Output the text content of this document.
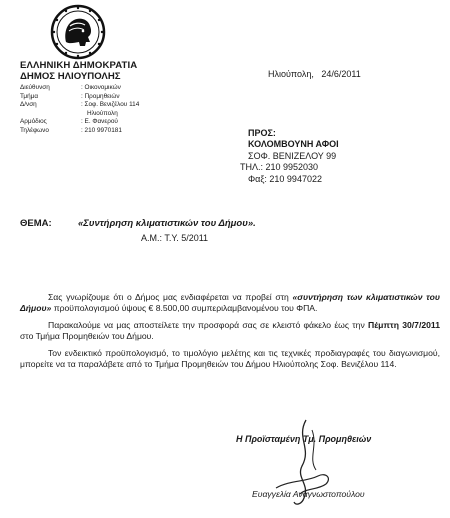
ΕΛΛΗΝΙΚΗ ΔΗΜΟΚΡΑΤΙΑ
ΔΗΜΟΣ ΗΛΙΟΥΠΟΛΗΣ
Διεύθυνση	: Οικονομικών
Τμήμα	: Προμηθειών
Δ/νση	: Σοφ. Βενιζέλου 114
Ηλιούπολη
Αρμόδιος	: Ε. Φανερού
Τηλέφωνο	: 210 9970181
Ηλιούπολη,   24/6/2011
ΠΡΟΣ:
ΚΟΛΟΜΒΟΥΝΗ ΑΦΟΙ
ΣΟΦ. ΒΕΝΙΖΕΛΟΥ 99
ΤΗΛ.: 210 9952030
Φαξ: 210 9947022
ΘΕΜΑ:	«Συντήρηση κλιματιστικών του Δήμου».
Α.Μ.: Τ.Υ. 5/2011

Σας γνωρίζουμε ότι ο Δήμος μας ενδιαφέρεται να προβεί στη «συντήρηση των κλιματιστικών του Δήμου» προϋπολογισμού ύψους € 8.500,00 συμπεριλαμβανομένου του ΦΠΑ.

Παρακαλούμε να μας αποστείλετε την προσφορά σας σε κλειστό φάκελο έως την Πέμπτη 30/7/2011 στο Τμήμα Προμηθειών του Δήμου.

Τον ενδεικτικό προϋπολογισμό, το τιμολόγιο μελέτης και τις τεχνικές προδιαγραφές του διαγωνισμού, μπορείτε να τα παραλάβετε από το Τμήμα Προμηθειών του Δήμου Ηλιούπολης Σοφ. Βενιζέλου 114.

Η Προϊσταμένη Τμ. Προμηθειών
Ευαγγελία Αναγνωστοπούλου
